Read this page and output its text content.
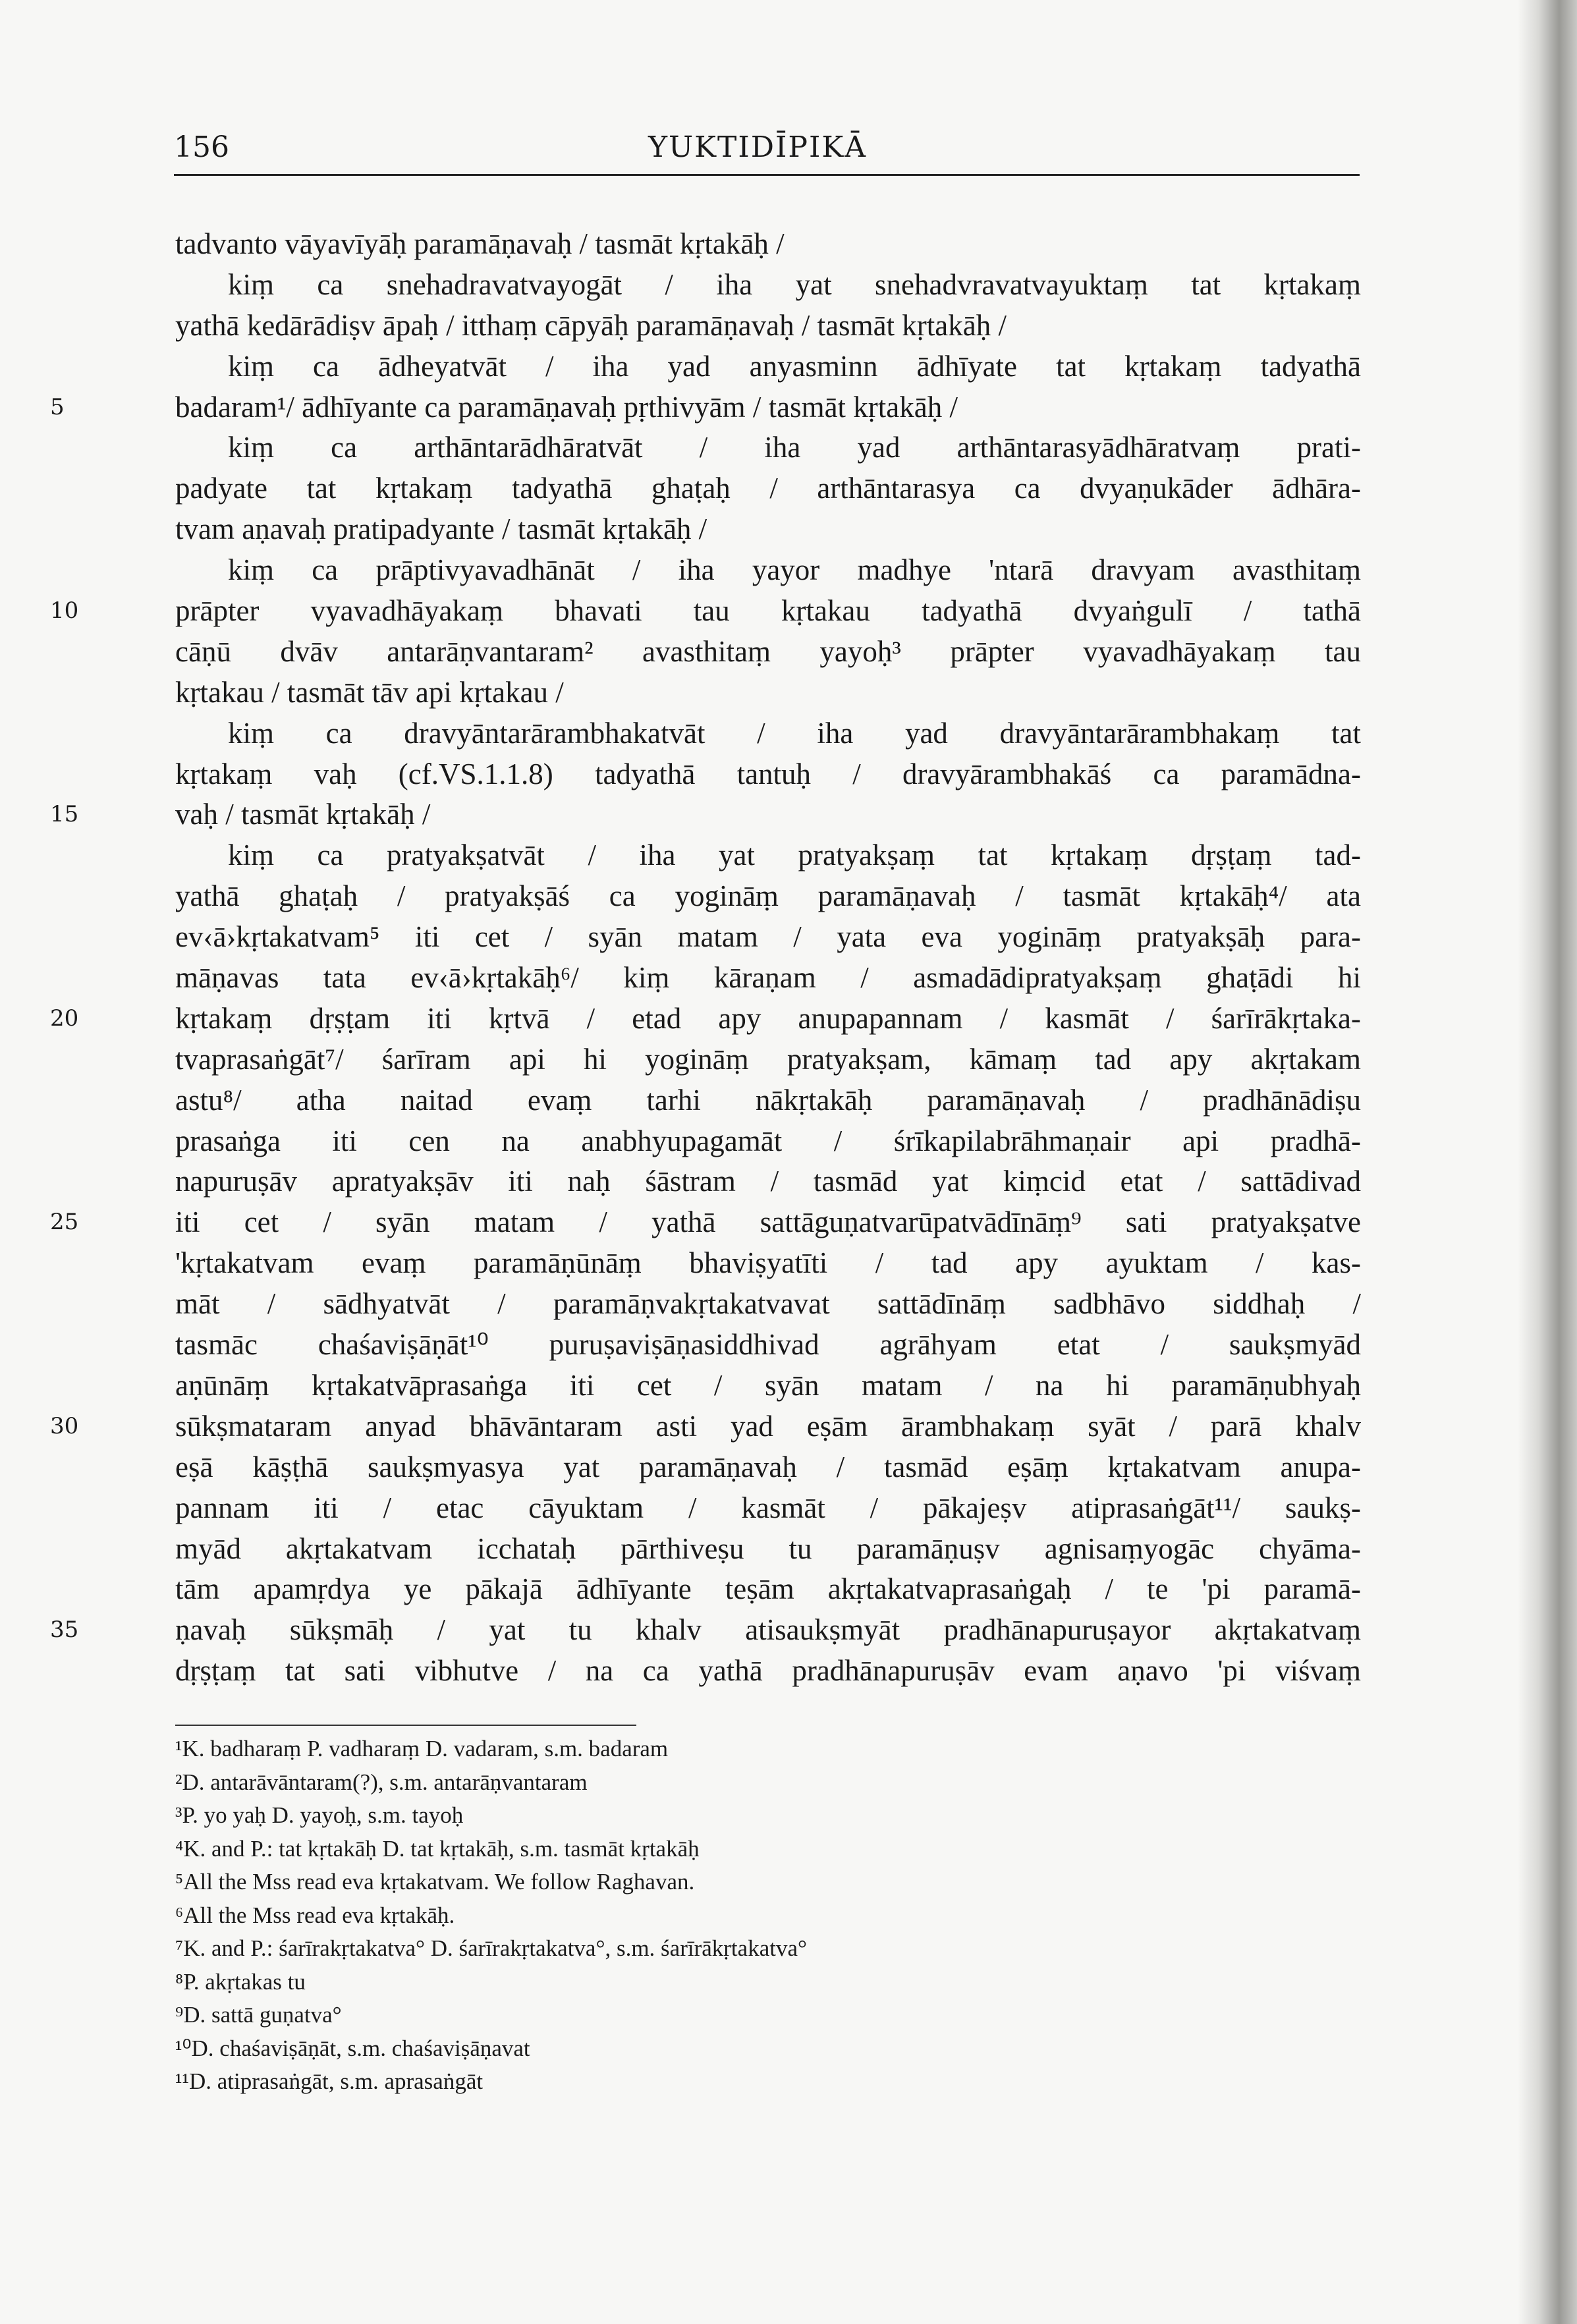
156	YUKTIDĪPIKĀ
tadvanto vāyavīyāḥ paramāṇavaḥ / tasmāt kṛtakāḥ /
kiṃ ca snehadravatvayogāt / iha yat snehadvravatvayuktaṃ tat kṛtakaṃ
yathā kedārādiṣv āpaḥ / itthaṃ cāpyāḥ paramāṇavaḥ / tasmāt kṛtakāḥ /
kiṃ ca ādheyatvāt / iha yad anyasminn ādhīyate tat kṛtakaṃ tadyathā
badaram¹/ ādhīyante ca paramāṇavaḥ pṛthivyām / tasmāt kṛtakāḥ /
5
kiṃ ca arthāntarādhāratvāt / iha yad arthāntarasyādhāratvaṃ prati-
padyate tat kṛtakaṃ tadyathā ghaṭaḥ / arthāntarasya ca dvyaṇukāder ādhāra-
tvam aṇavaḥ pratipadyante / tasmāt kṛtakāḥ /
kiṃ ca prāptivyavadhānāt / iha yayor madhye 'ntarā dravyam avasthitaṃ
prāpter vyavadhāyakaṃ bhavati tau kṛtakau tadyathā dvyaṅgulī / tathā
10
cāṇū dvāv antarāṇvantaram² avasthitaṃ yayoḥ³ prāpter vyavadhāyakaṃ tau
kṛtakau / tasmāt tāv api kṛtakau /
kiṃ ca dravyāntarārambhakatvāt / iha yad dravyāntarārambhakaṃ tat
kṛtakaṃ vaḥ (cf.VS.1.1.8) tadyathā tantuḥ / dravyārambhakāś ca paramādna-
vaḥ / tasmāt kṛtakāḥ /
15
kiṃ ca pratyakṣatvāt / iha yat pratyakṣaṃ tat kṛtakaṃ dṛṣṭaṃ tad-
yathā ghaṭaḥ / pratyakṣāś ca yogināṃ paramāṇavaḥ / tasmāt kṛtakāḥ⁴/ ata
ev‹ā›kṛtakatvam⁵ iti cet / syān matam / yata eva yogināṃ pratyakṣāḥ para-
māṇavas tata ev‹ā›kṛtakāḥ⁶/ kiṃ kāraṇam / asmadādipratyakṣaṃ ghaṭādi hi
kṛtakaṃ dṛṣṭam iti kṛtvā / etad apy anupapannam / kasmāt / śarīrākṛtaka-
20
tvaprasaṅgāt⁷/ śarīram api hi yogināṃ pratyakṣam, kāmaṃ tad apy akṛtakam
astu⁸/ atha naitad evaṃ tarhi nākṛtakāḥ paramāṇavaḥ / pradhānādiṣu
prasaṅga iti cen na anabhyupagamāt / śrīkapilabrāhmaṇair api pradhā-
napuruṣāv apratyakṣāv iti naḥ śāstram / tasmād yat kiṃcid etat / sattādivad
iti cet / syān matam / yathā sattāguṇatvarūpatvādīnāṃ⁹ sati pratyakṣatve
25
'kṛtakatvam evaṃ paramāṇūnāṃ bhaviṣyatīti / tad apy ayuktam / kas-
māt / sādhyatvāt / paramāṇvakṛtakatvavat sattādīnāṃ sadbhāvo siddhaḥ /
tasmāc chaśaviṣāṇāt¹⁰ puruṣaviṣāṇasiddhivad agrāhyam etat / saukṣmyād
aṇūnāṃ kṛtakatvāprasaṅga iti cet / syān matam / na hi paramāṇubhyaḥ
sūkṣmataram anyad bhāvāntaram asti yad eṣām ārambhakaṃ syāt / parā khalv
30
eṣā kāṣṭhā saukṣmyasya yat paramāṇavaḥ / tasmād eṣāṃ kṛtakatvam anupa-
pannam iti / etac cāyuktam / kasmāt / pākajeṣv atiprasaṅgāt¹¹/ saukṣ-
myād akṛtakatvam icchataḥ pārthiveṣu tu paramāṇuṣv agnisaṃyogāc chyāma-
tām apamṛdya ye pākajā ādhīyante teṣām akṛtakatvaprasaṅgaḥ / te 'pi paramā-
ṇavaḥ sūkṣmāḥ / yat tu khalv atisaukṣmyāt pradhānapuruṣayor akṛtakatvaṃ
35
dṛṣṭaṃ tat sati vibhutve / na ca yathā pradhānapuruṣāv evam aṇavo 'pi viśvaṃ
¹K. badharaṃ P. vadharaṃ D. vadaram, s.m. badaram
²D. antarāvāntaram(?), s.m. antarāṇvantaram
³P. yo yaḥ D. yayoḥ, s.m. tayoḥ
⁴K. and P.: tat kṛtakāḥ D. tat kṛtakāḥ, s.m. tasmāt kṛtakāḥ
⁵All the Mss read eva kṛtakatvam. We follow Raghavan.
⁶All the Mss read eva kṛtakāḥ.
⁷K. and P.: śarīrakṛtakatva° D. śarīrakṛtakatva°, s.m. śarīrākṛtakatva°
⁸P. akṛtakas tu
⁹D. sattā guṇatva°
¹⁰D. chaśaviṣāṇāt, s.m. chaśaviṣāṇavat
¹¹D. atiprasaṅgāt, s.m. aprasaṅgāt
